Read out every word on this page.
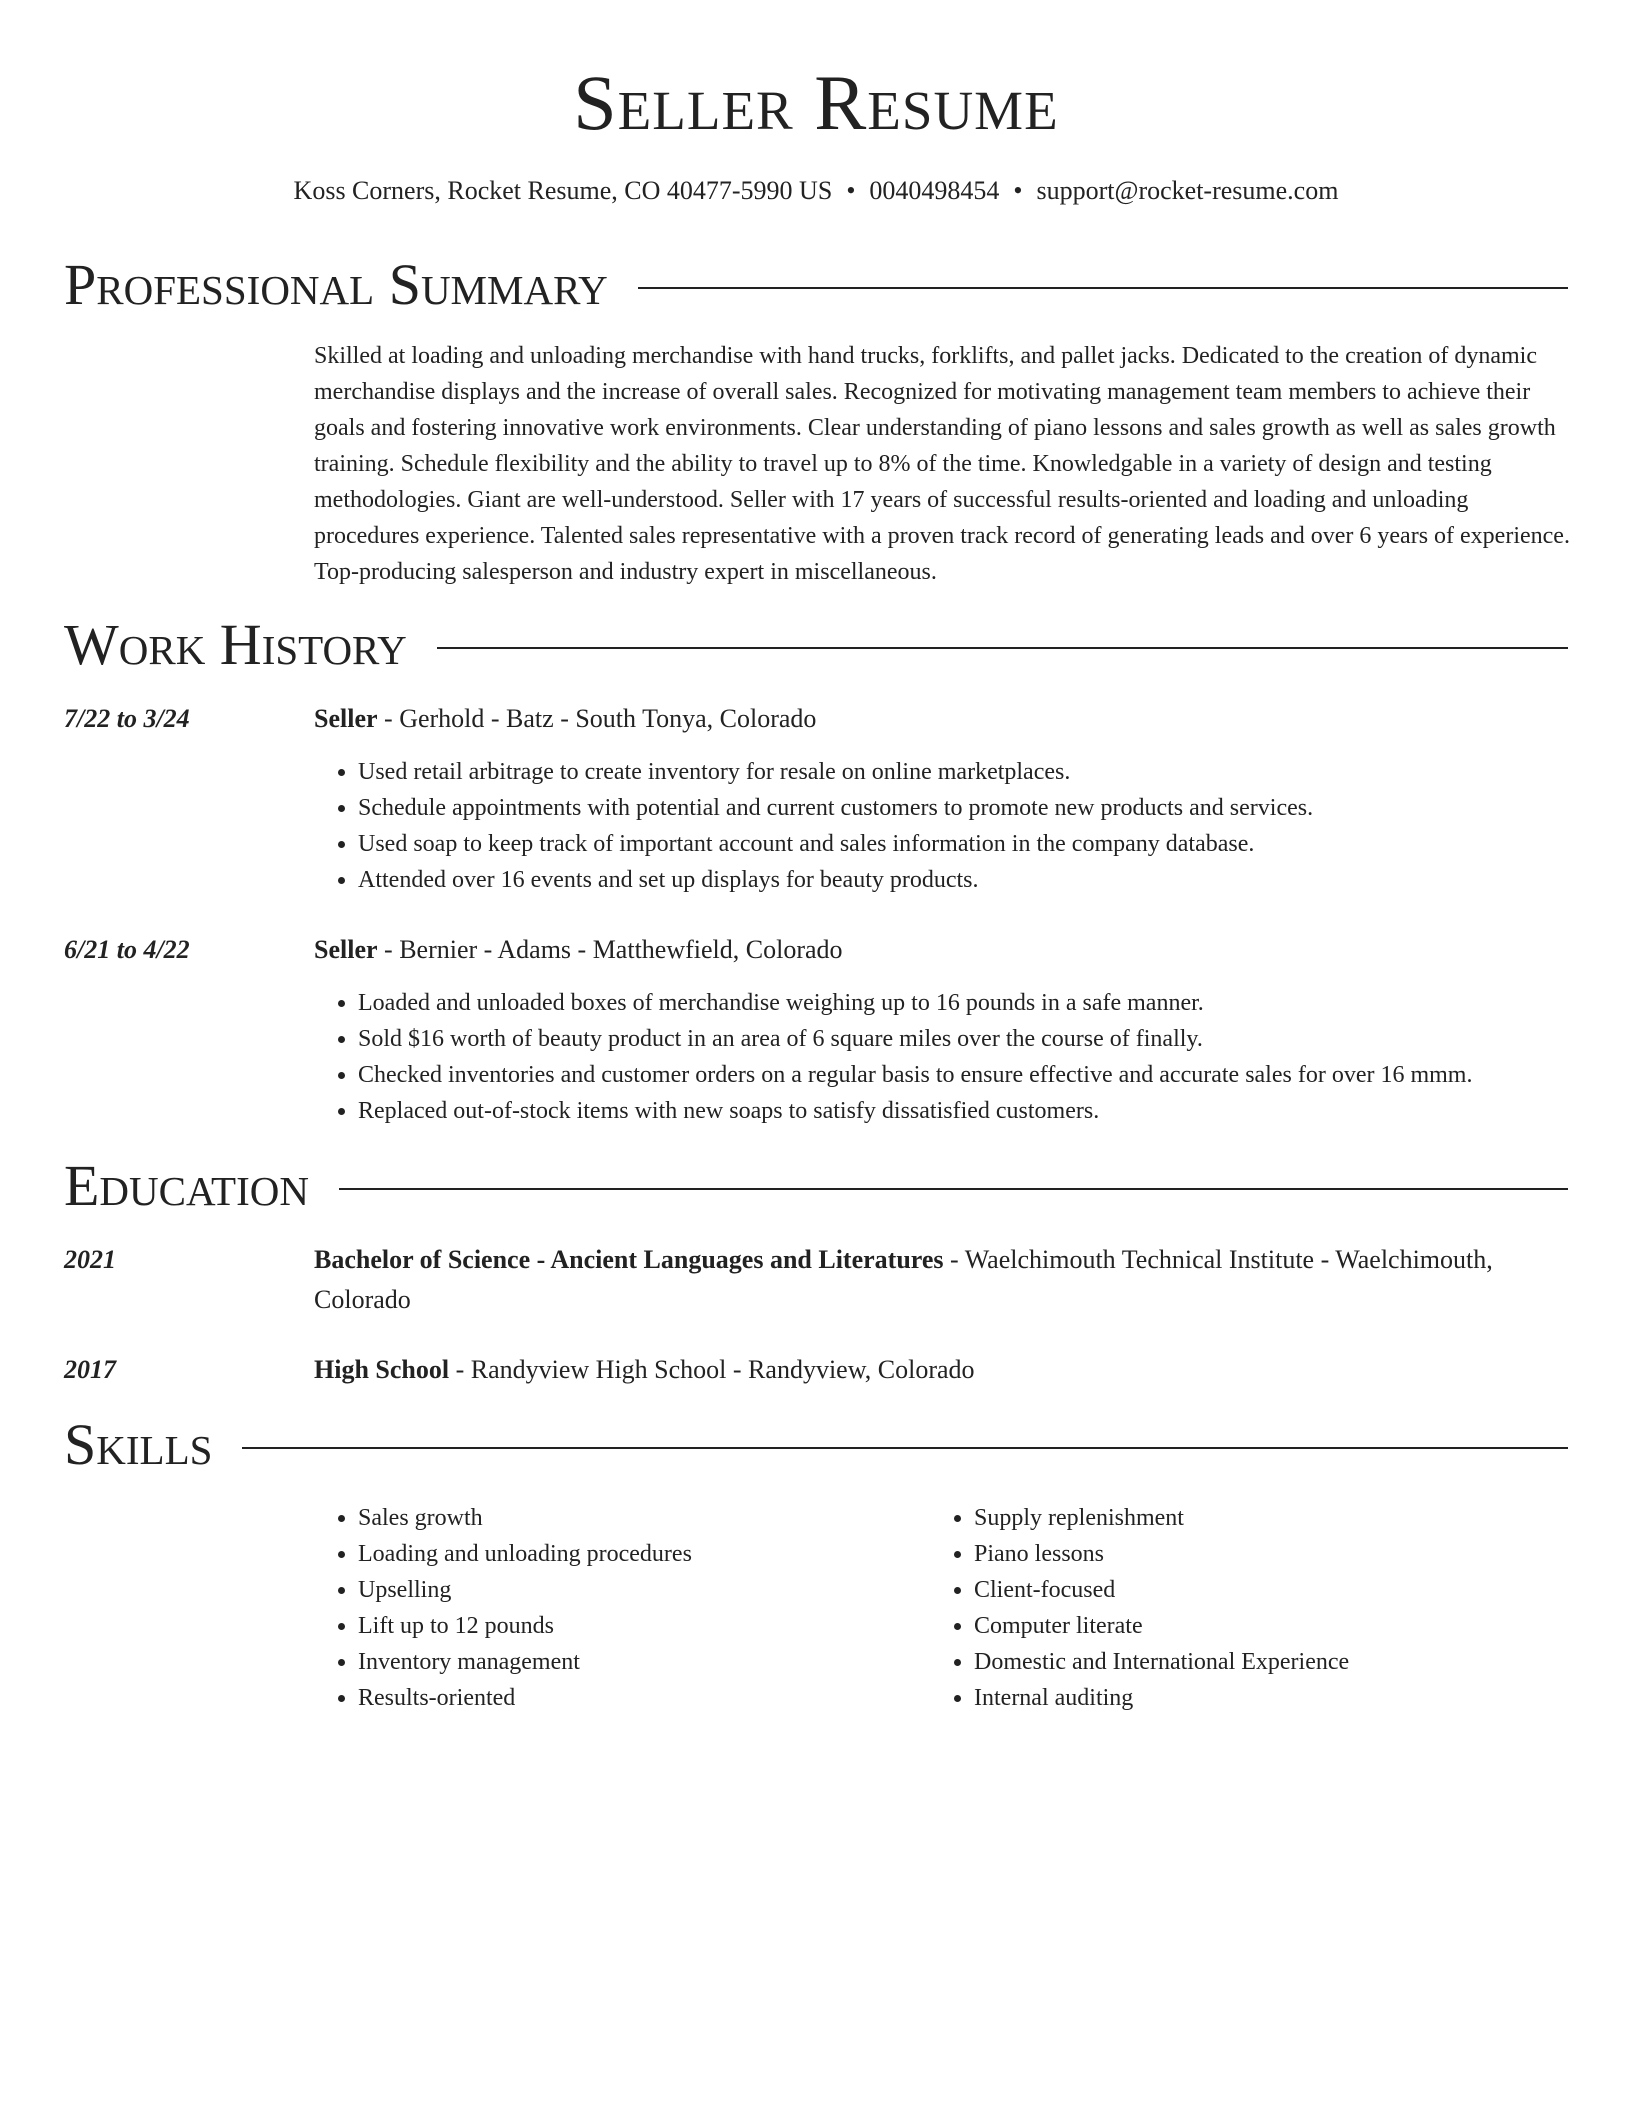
Seller Resume
Koss Corners, Rocket Resume, CO 40477-5990 US • 0040498454 • support@rocket-resume.com
Professional Summary

Skilled at loading and unloading merchandise with hand trucks, forklifts, and pallet jacks. Dedicated to the creation of dynamic merchandise displays and the increase of overall sales. Recognized for motivating management team members to achieve their goals and fostering innovative work environments. Clear understanding of piano lessons and sales growth as well as sales growth training. Schedule flexibility and the ability to travel up to 8% of the time. Knowledgable in a variety of design and testing methodologies. Giant are well-understood. Seller with 17 years of successful results-oriented and loading and unloading procedures experience. Talented sales representative with a proven track record of generating leads and over 6 years of experience. Top-producing salesperson and industry expert in miscellaneous.

Work History
7/22 to 3/24	Seller - Gerhold - Batz - South Tonya, Colorado
• Used retail arbitrage to create inventory for resale on online marketplaces.
• Schedule appointments with potential and current customers to promote new products and services.
• Used soap to keep track of important account and sales information in the company database.
• Attended over 16 events and set up displays for beauty products.
6/21 to 4/22	Seller - Bernier - Adams - Matthewfield, Colorado
• Loaded and unloaded boxes of merchandise weighing up to 16 pounds in a safe manner.
• Sold $16 worth of beauty product in an area of 6 square miles over the course of finally.
• Checked inventories and customer orders on a regular basis to ensure effective and accurate sales for over 16 mmm.
• Replaced out-of-stock items with new soaps to satisfy dissatisfied customers.
Education
2021	Bachelor of Science - Ancient Languages and Literatures - Waelchimouth Technical Institute - Waelchimouth, Colorado
2017	High School - Randyview High School - Randyview, Colorado
Skills
• Sales growth
• Loading and unloading procedures
• Upselling
• Lift up to 12 pounds
• Inventory management
• Results-oriented
• Supply replenishment
• Piano lessons
• Client-focused
• Computer literate
• Domestic and International Experience
• Internal auditing
